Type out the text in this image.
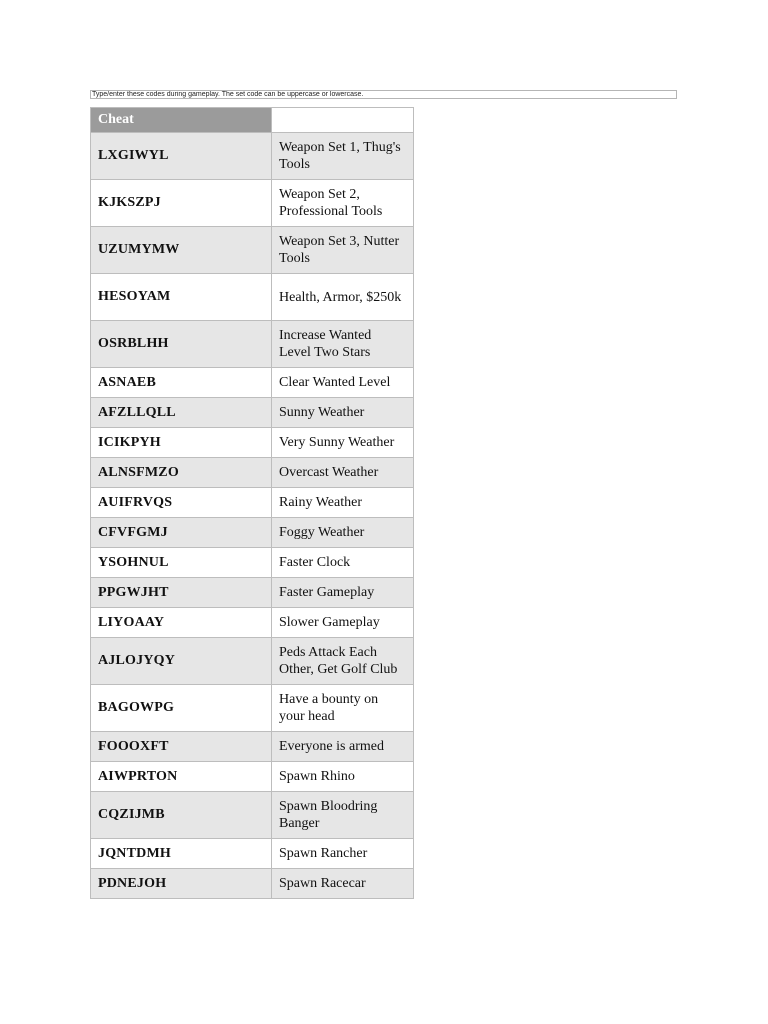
Type/enter these codes during gameplay. The set code can be uppercase or lowercase.
Cheat	
LXGIWYL	Weapon Set 1, Thug's Tools
KJKSZPJ	Weapon Set 2, Professional Tools
UZUMYMW	Weapon Set 3, Nutter Tools
HESOYAM	Health, Armor, $250k
OSRBLHH	Increase Wanted Level Two Stars
ASNAEB	Clear Wanted Level
AFZLLQLL	Sunny Weather
ICIKPYH	Very Sunny Weather
ALNSFMZO	Overcast Weather
AUIFRVQS	Rainy Weather
CFVFGMJ	Foggy Weather
YSOHNUL	Faster Clock
PPGWJHT	Faster Gameplay
LIYOAAY	Slower Gameplay
AJLOJYQY	Peds Attack Each Other, Get Golf Club
BAGOWPG	Have a bounty on your head
FOOOXFT	Everyone is armed
AIWPRTON	Spawn Rhino
CQZIJMB	Spawn Bloodring Banger
JQNTDMH	Spawn Rancher
PDNEJOH	Spawn Racecar
